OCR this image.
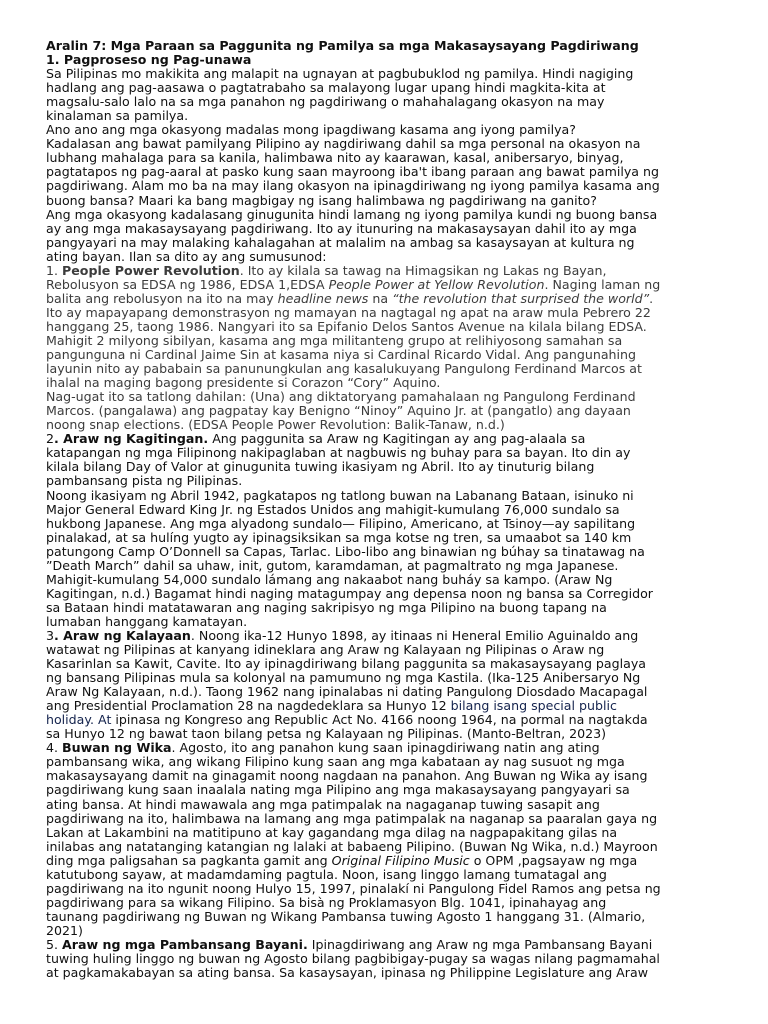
Aralin 7: Mga Paraan sa Paggunita ng Pamilya sa mga Makasaysayang Pagdiriwang
1. Pagproseso ng Pag-unawa
Sa Pilipinas mo makikita ang malapit na ugnayan at pagbubuklod ng pamilya. Hindi nagiging
hadlang ang pag-aasawa o pagtatrabaho sa malayong lugar upang hindi magkita-kita at
magsalu-salo lalo na sa mga panahon ng pagdiriwang o mahahalagang okasyon na may
kinalaman sa pamilya.
Ano ano ang mga okasyong madalas mong ipagdiwang kasama ang iyong pamilya?
Kadalasan ang bawat pamilyang Pilipino ay nagdiriwang dahil sa mga personal na okasyon na
lubhang mahalaga para sa kanila, halimbawa nito ay kaarawan, kasal, anibersaryo, binyag,
pagtatapos ng pag-aaral at pasko kung saan mayroong iba't ibang paraan ang bawat pamilya ng
pagdiriwang. Alam mo ba na may ilang okasyon na ipinagdiriwang ng iyong pamilya kasama ang
buong bansa? Maari ka bang magbigay ng isang halimbawa ng pagdiriwang na ganito?
Ang mga okasyong kadalasang ginugunita hindi lamang ng iyong pamilya kundi ng buong bansa
ay ang mga makasaysayang pagdiriwang. Ito ay itunuring na makasaysayan dahil ito ay mga
pangyayari na may malaking kahalagahan at malalim na ambag sa kasaysayan at kultura ng
ating bayan. Ilan sa dito ay ang sumusunod:
1. People Power Revolution. Ito ay kilala sa tawag na Himagsikan ng Lakas ng Bayan,
Rebolusyon sa EDSA ng 1986, EDSA 1,EDSA People Power at Yellow Revolution. Naging laman ng
balita ang rebolusyon na ito na may headline news na “the revolution that surprised the world”.
Ito ay mapayapang demonstrasyon ng mamayan na nagtagal ng apat na araw mula Pebrero 22
hanggang 25, taong 1986. Nangyari ito sa Epifanio Delos Santos Avenue na kilala bilang EDSA.
Mahigit 2 milyong sibilyan, kasama ang mga militanteng grupo at relihiyosong samahan sa
pangunguna ni Cardinal Jaime Sin at kasama niya si Cardinal Ricardo Vidal. Ang pangunahing
layunin nito ay pababain sa panunungkulan ang kasalukuyang Pangulong Ferdinand Marcos at
ihalal na maging bagong presidente si Corazon “Cory” Aquino.
Nag-ugat ito sa tatlong dahilan: (Una) ang diktatoryang pamahalaan ng Pangulong Ferdinand
Marcos. (pangalawa) ang pagpatay kay Benigno “Ninoy” Aquino Jr. at (pangatlo) ang dayaan
noong snap elections. (EDSA People Power Revolution: Balik-Tanaw, n.d.)
2. Araw ng Kagitingan. Ang paggunita sa Araw ng Kagitingan ay ang pag-alaala sa
katapangan ng mga Filipinong nakipaglaban at nagbuwis ng buhay para sa bayan. Ito din ay
kilala bilang Day of Valor at ginugunita tuwing ikasiyam ng Abril. Ito ay tinuturig bilang
pambansang pista ng Pilipinas.
Noong ikasiyam ng Abril 1942, pagkatapos ng tatlong buwan na Labanang Bataan, isinuko ni
Major General Edward King Jr. ng Estados Unidos ang mahigit-kumulang 76,000 sundalo sa
hukbong Japanese. Ang mga alyadong sundalo— Filipino, Americano, at Tsinoy—ay sapilitang
pinalakad, at sa hulíng yugto ay ipinagsiksikan sa mga kotse ng tren, sa umaabot sa 140 km
patungong Camp O’Donnell sa Capas, Tarlac. Libo-libo ang binawian ng búhay sa tinatawag na
”Death March” dahil sa uhaw, init, gutom, karamdaman, at pagmaltrato ng mga Japanese.
Mahigit-kumulang 54,000 sundalo lámang ang nakaabot nang buháy sa kampo. (Araw Ng
Kagitingan, n.d.) Bagamat hindi naging matagumpay ang depensa noon ng bansa sa Corregidor
sa Bataan hindi matatawaran ang naging sakripisyo ng mga Pilipino na buong tapang na
lumaban hanggang kamatayan.
3. Araw ng Kalayaan. Noong ika-12 Hunyo 1898, ay itinaas ni Heneral Emilio Aguinaldo ang
watawat ng Pilipinas at kanyang idineklara ang Araw ng Kalayaan ng Pilipinas o Araw ng
Kasarinlan sa Kawit, Cavite. Ito ay ipinagdiriwang bilang paggunita sa makasaysayang paglaya
ng bansang Pilipinas mula sa kolonyal na pamumuno ng mga Kastila. (Ika-125 Anibersaryo Ng
Araw Ng Kalayaan, n.d.). Taong 1962 nang ipinalabas ni dating Pangulong Diosdado Macapagal
ang Presidential Proclamation 28 na nagdedeklara sa Hunyo 12 bilang isang special public
holiday. At ipinasa ng Kongreso ang Republic Act No. 4166 noong 1964, na pormal na nagtakda
sa Hunyo 12 ng bawat taon bilang petsa ng Kalayaan ng Pilipinas. (Manto-Beltran, 2023)
4. Buwan ng Wika. Agosto, ito ang panahon kung saan ipinagdiriwang natin ang ating
pambansang wika, ang wikang Filipino kung saan ang mga kabataan ay nag susuot ng mga
makasaysayang damit na ginagamit noong nagdaan na panahon. Ang Buwan ng Wika ay isang
pagdiriwang kung saan inaalala nating mga Pilipino ang mga makasaysayang pangyayari sa
ating bansa. At hindi mawawala ang mga patimpalak na nagaganap tuwing sasapit ang
pagdiriwang na ito, halimbawa na lamang ang mga patimpalak na naganap sa paaralan gaya ng
Lakan at Lakambini na matitipuno at kay gagandang mga dilag na nagpapakitang gilas na
inilabas ang natatanging katangian ng lalaki at babaeng Pilipino. (Buwan Ng Wika, n.d.) Mayroon
ding mga paligsahan sa pagkanta gamit ang Original Filipino Music o OPM ,pagsayaw ng mga
katutubong sayaw, at madamdaming pagtula. Noon, isang linggo lamang tumatagal ang
pagdiriwang na ito ngunit noong Hulyo 15, 1997, pinalakí ni Pangulong Fidel Ramos ang petsa ng
pagdiriwang para sa wikang Filipino. Sa bisà ng Proklamasyon Blg. 1041, ipinahayag ang
taunang pagdiriwang ng Buwan ng Wikang Pambansa tuwing Agosto 1 hanggang 31. (Almario,
2021)
5. Araw ng mga Pambansang Bayani. Ipinagdiriwang ang Araw ng mga Pambansang Bayani
tuwing huling linggo ng buwan ng Agosto bilang pagbibigay-pugay sa wagas nilang pagmamahal
at pagkamakabayan sa ating bansa. Sa kasaysayan, ipinasa ng Philippine Legislature ang Araw
